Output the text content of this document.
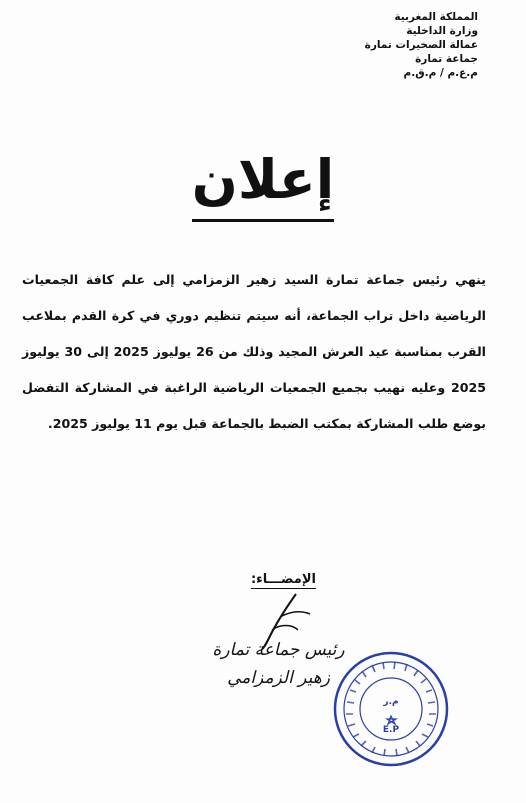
المملكة المغربية
وزارة الداخلية
عمالة الصخيرات تمارة
جماعة تمارة
م.ع.م / م.ق.م
إعلان
ينهي رئيس جماعة تمارة السيد زهير الزمزامي إلى علم كافة الجمعيات الرياضية داخل تراب الجماعة، أنه سيتم تنظيم دوري في كرة القدم بملاعب القرب بمناسبة عيد العرش المجيد وذلك من 26 يوليوز 2025 إلى 30 يوليوز 2025 وعليه نهيب بجميع الجمعيات الرياضية الراغبة في المشاركة التفضل بوضع طلب المشاركة بمكتب الضبط بالجماعة قبل يوم 11 يوليوز 2025.
الإمضـــاء:
رئيس جماعة تمارة
زهير الزمزامي
م.ر
E.P
